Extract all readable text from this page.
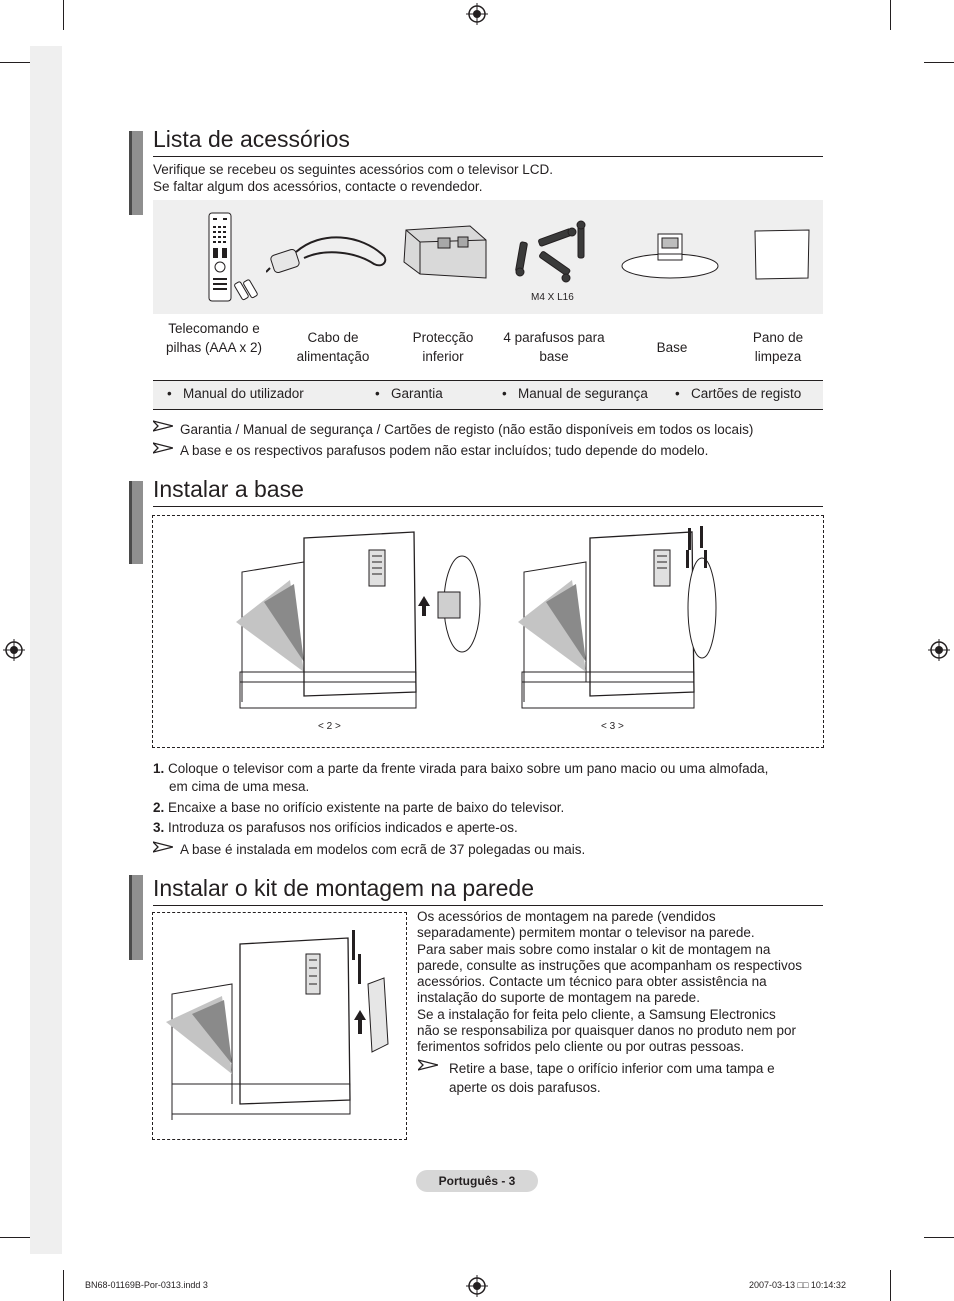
Lista de acessórios
Verifique se recebeu os seguintes acessórios com o televisor LCD.
Se faltar algum dos acessórios, contacte o revendedor.
M4 X L16
Telecomando e pilhas (AAA x 2)
Cabo de alimentação
Protecção inferior
4 parafusos para base
Base
Pano de limpeza
•   Manual do utilizador	•   Garantia	•   Manual de segurança •   Cartões de registo
Garantia / Manual de segurança / Cartões de registo (não estão disponíveis em todos os locais)
A base e os respectivos parafusos podem não estar incluídos; tudo depende do modelo.
Instalar a base
< 2 >	< 3 >
1. Coloque o televisor com a parte da frente virada para baixo sobre um pano macio ou uma almofada,
em cima de uma mesa.
2. Encaixe a base no orifício existente na parte de baixo do televisor.
3. Introduza os parafusos nos orifícios indicados e aperte-os.
A base é instalada em modelos com ecrã de 37 polegadas ou mais.
Instalar o kit de montagem na parede
Os acessórios de montagem na parede (vendidos
separadamente) permitem montar o televisor na parede.
Para saber mais sobre como instalar o kit de montagem na
parede, consulte as instruções que acompanham os respectivos
acessórios. Contacte um técnico para obter assistência na
instalação do suporte de montagem na parede.
Se a instalação for feita pelo cliente, a Samsung Electronics
não se responsabiliza por quaisquer danos no produto nem por
ferimentos sofridos pelo cliente ou por outras pessoas.
Retire a base, tape o orifício inferior com uma tampa e
aperte os dois parafusos.
Português - 3
BN68-01169B-Por-0313.indd 3	2007-03-13 □□ 10:14:32
